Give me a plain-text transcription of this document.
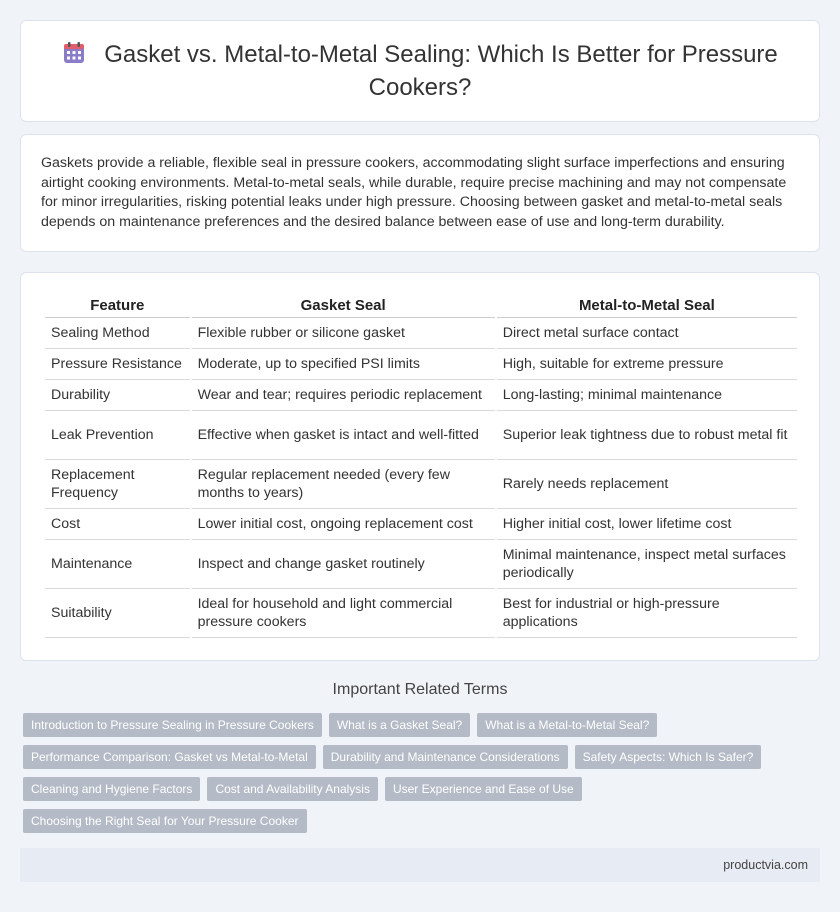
Gasket vs. Metal-to-Metal Sealing: Which Is Better for Pressure Cookers?

Gaskets provide a reliable, flexible seal in pressure cookers, accommodating slight surface imperfections and ensuring airtight cooking environments. Metal-to-metal seals, while durable, require precise machining and may not compensate for minor irregularities, risking potential leaks under high pressure. Choosing between gasket and metal-to-metal seals depends on maintenance preferences and the desired balance between ease of use and long-term durability.

Feature	Gasket Seal	Metal-to-Metal Seal
Sealing Method	Flexible rubber or silicone gasket	Direct metal surface contact
Pressure Resistance	Moderate, up to specified PSI limits	High, suitable for extreme pressure
Durability	Wear and tear; requires periodic replacement	Long-lasting; minimal maintenance
Leak Prevention	Effective when gasket is intact and well-fitted	Superior leak tightness due to robust metal fit
Replacement Frequency	Regular replacement needed (every few months to years)	Rarely needs replacement
Cost	Lower initial cost, ongoing replacement cost	Higher initial cost, lower lifetime cost
Maintenance	Inspect and change gasket routinely	Minimal maintenance, inspect metal surfaces periodically
Suitability	Ideal for household and light commercial pressure cookers	Best for industrial or high-pressure applications
Important Related Terms
Introduction to Pressure Sealing in Pressure Cookers	What is a Gasket Seal?	What is a Metal-to-Metal Seal?
Performance Comparison: Gasket vs Metal-to-Metal	Durability and Maintenance Considerations	Safety Aspects: Which Is Safer?
Cleaning and Hygiene Factors	Cost and Availability Analysis	User Experience and Ease of Use
Choosing the Right Seal for Your Pressure Cooker
productvia.com
